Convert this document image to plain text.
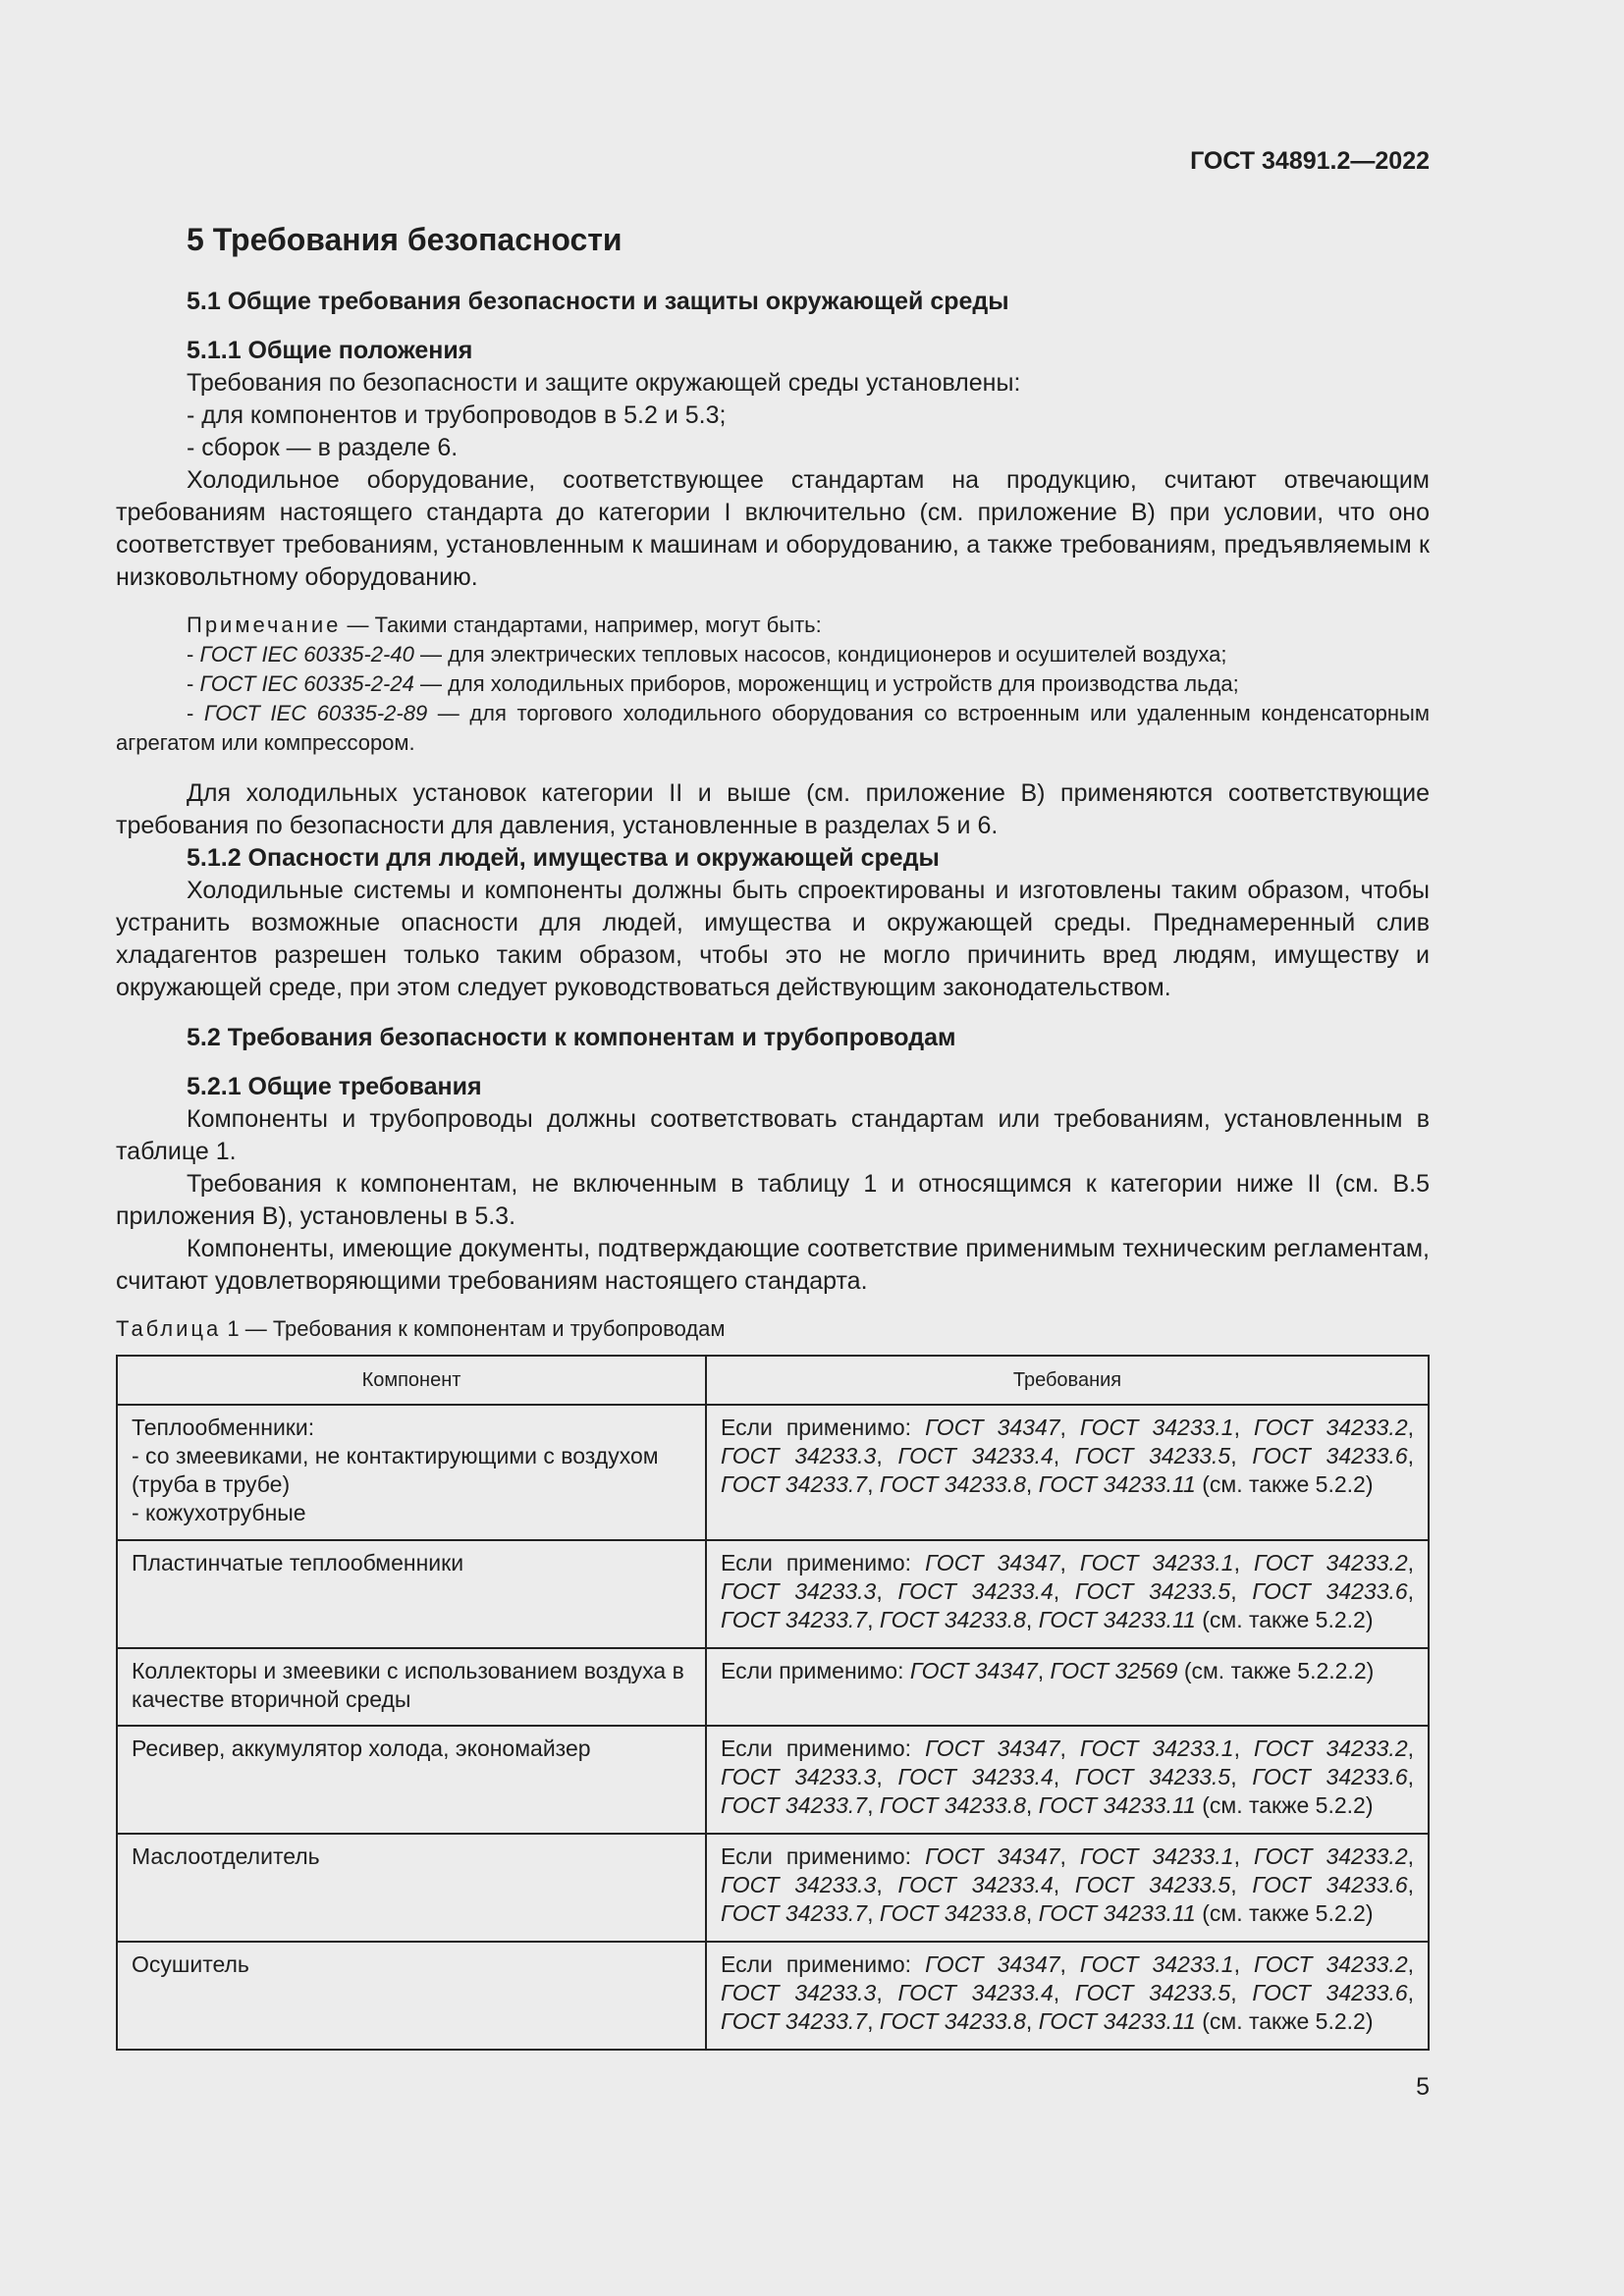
ГОСТ 34891.2—2022
5 Требования безопасности
5.1 Общие требования безопасности и защиты окружающей среды
5.1.1 Общие положения

Требования по безопасности и защите окружающей среды установлены:

- для компонентов и трубопроводов в 5.2 и 5.3;

- сборок — в разделе 6.

Холодильное оборудование, соответствующее стандартам на продукцию, считают отвечающим требованиям настоящего стандарта до категории I включительно (см. приложение В) при условии, что оно соответствует требованиям, установленным к машинам и оборудованию, а также требованиям, предъявляемым к низковольтному оборудованию.

Примечание — Такими стандартами, например, могут быть:

- ГОСТ IEC 60335-2-40 — для электрических тепловых насосов, кондиционеров и осушителей воздуха;

- ГОСТ IEC 60335-2-24 — для холодильных приборов, мороженщиц и устройств для производства льда;

- ГОСТ IEC 60335-2-89 — для торгового холодильного оборудования со встроенным или удаленным конденсаторным агрегатом или компрессором.

Для холодильных установок категории II и выше (см. приложение В) применяются соответствующие требования по безопасности для давления, установленные в разделах 5 и 6.

5.1.2 Опасности для людей, имущества и окружающей среды

Холодильные системы и компоненты должны быть спроектированы и изготовлены таким образом, чтобы устранить возможные опасности для людей, имущества и окружающей среды. Преднамеренный слив хладагентов разрешен только таким образом, чтобы это не могло причинить вред людям, имуществу и окружающей среде, при этом следует руководствоваться действующим законодательством.

5.2 Требования безопасности к компонентам и трубопроводам
5.2.1 Общие требования

Компоненты и трубопроводы должны соответствовать стандартам или требованиям, установленным в таблице 1.

Требования к компонентам, не включенным в таблицу 1 и относящимся к категории ниже II (см. В.5 приложения В), установлены в 5.3.

Компоненты, имеющие документы, подтверждающие соответствие применимым техническим регламентам, считают удовлетворяющими требованиям настоящего стандарта.

Таблица 1 — Требования к компонентам и трубопроводам

Компонент	Требования
Теплообменники:
- со змеевиками, не контактирующими с воздухом (труба в трубе)
- кожухотрубные	Если применимо: ГОСТ 34347, ГОСТ 34233.1, ГОСТ 34233.2, ГОСТ 34233.3, ГОСТ 34233.4, ГОСТ 34233.5, ГОСТ 34233.6, ГОСТ 34233.7, ГОСТ 34233.8, ГОСТ 34233.11 (см. также 5.2.2)
Пластинчатые теплообменники	Если применимо: ГОСТ 34347, ГОСТ 34233.1, ГОСТ 34233.2, ГОСТ 34233.3, ГОСТ 34233.4, ГОСТ 34233.5, ГОСТ 34233.6, ГОСТ 34233.7, ГОСТ 34233.8, ГОСТ 34233.11 (см. также 5.2.2)
Коллекторы и змеевики с использованием воздуха в качестве вторичной среды	Если применимо: ГОСТ 34347, ГОСТ 32569 (см. также 5.2.2.2)
Ресивер, аккумулятор холода, экономайзер	Если применимо: ГОСТ 34347, ГОСТ 34233.1, ГОСТ 34233.2, ГОСТ 34233.3, ГОСТ 34233.4, ГОСТ 34233.5, ГОСТ 34233.6, ГОСТ 34233.7, ГОСТ 34233.8, ГОСТ 34233.11 (см. также 5.2.2)
Маслоотделитель	Если применимо: ГОСТ 34347, ГОСТ 34233.1, ГОСТ 34233.2, ГОСТ 34233.3, ГОСТ 34233.4, ГОСТ 34233.5, ГОСТ 34233.6, ГОСТ 34233.7, ГОСТ 34233.8, ГОСТ 34233.11 (см. также 5.2.2)
Осушитель	Если применимо: ГОСТ 34347, ГОСТ 34233.1, ГОСТ 34233.2, ГОСТ 34233.3, ГОСТ 34233.4, ГОСТ 34233.5, ГОСТ 34233.6, ГОСТ 34233.7, ГОСТ 34233.8, ГОСТ 34233.11 (см. также 5.2.2)
5
